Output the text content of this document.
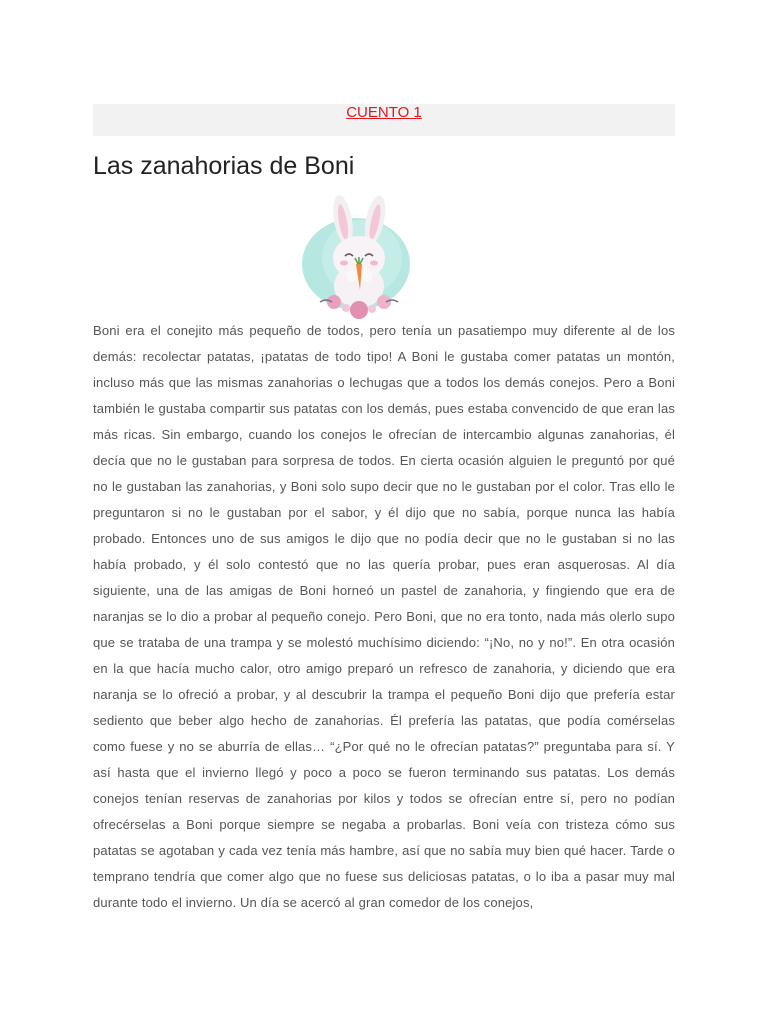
CUENTO 1
Las zanahorias de Boni

Boni era el conejito más pequeño de todos, pero tenía un pasatiempo muy diferente al de los demás: recolectar patatas, ¡patatas de todo tipo! A Boni le gustaba comer patatas un montón, incluso más que las mismas zanahorias o lechugas que a todos los demás conejos. Pero a Boni también le gustaba compartir sus patatas con los demás, pues estaba convencido de que eran las más ricas. Sin embargo, cuando los conejos le ofrecían de intercambio algunas zanahorias, él decía que no le gustaban para sorpresa de todos. En cierta ocasión alguien le preguntó por qué no le gustaban las zanahorias, y Boni solo supo decir que no le gustaban por el color. Tras ello le preguntaron si no le gustaban por el sabor, y él dijo que no sabía, porque nunca las había probado. Entonces uno de sus amigos le dijo que no podía decir que no le gustaban si no las había probado, y él solo contestó que no las quería probar, pues eran asquerosas. Al día siguiente, una de las amigas de Boni horneó un pastel de zanahoria, y fingiendo que era de naranjas se lo dio a probar al pequeño conejo. Pero Boni, que no era tonto, nada más olerlo supo que se trataba de una trampa y se molestó muchísimo diciendo: “¡No, no y no!”. En otra ocasión en la que hacía mucho calor, otro amigo preparó un refresco de zanahoria, y diciendo que era naranja se lo ofreció a probar, y al descubrir la trampa el pequeño Boni dijo que prefería estar sediento que beber algo hecho de zanahorias. Él prefería las patatas, que podía comérselas como fuese y no se aburría de ellas… “¿Por qué no le ofrecían patatas?” preguntaba para sí. Y así hasta que el invierno llegó y poco a poco se fueron terminando sus patatas. Los demás conejos tenían reservas de zanahorias por kilos y todos se ofrecían entre sí, pero no podían ofrecérselas a Boni porque siempre se negaba a probarlas. Boni veía con tristeza cómo sus patatas se agotaban y cada vez tenía más hambre, así que no sabía muy bien qué hacer. Tarde o temprano tendría que comer algo que no fuese sus deliciosas patatas, o lo iba a pasar muy mal durante todo el invierno. Un día se acercó al gran comedor de los conejos,
